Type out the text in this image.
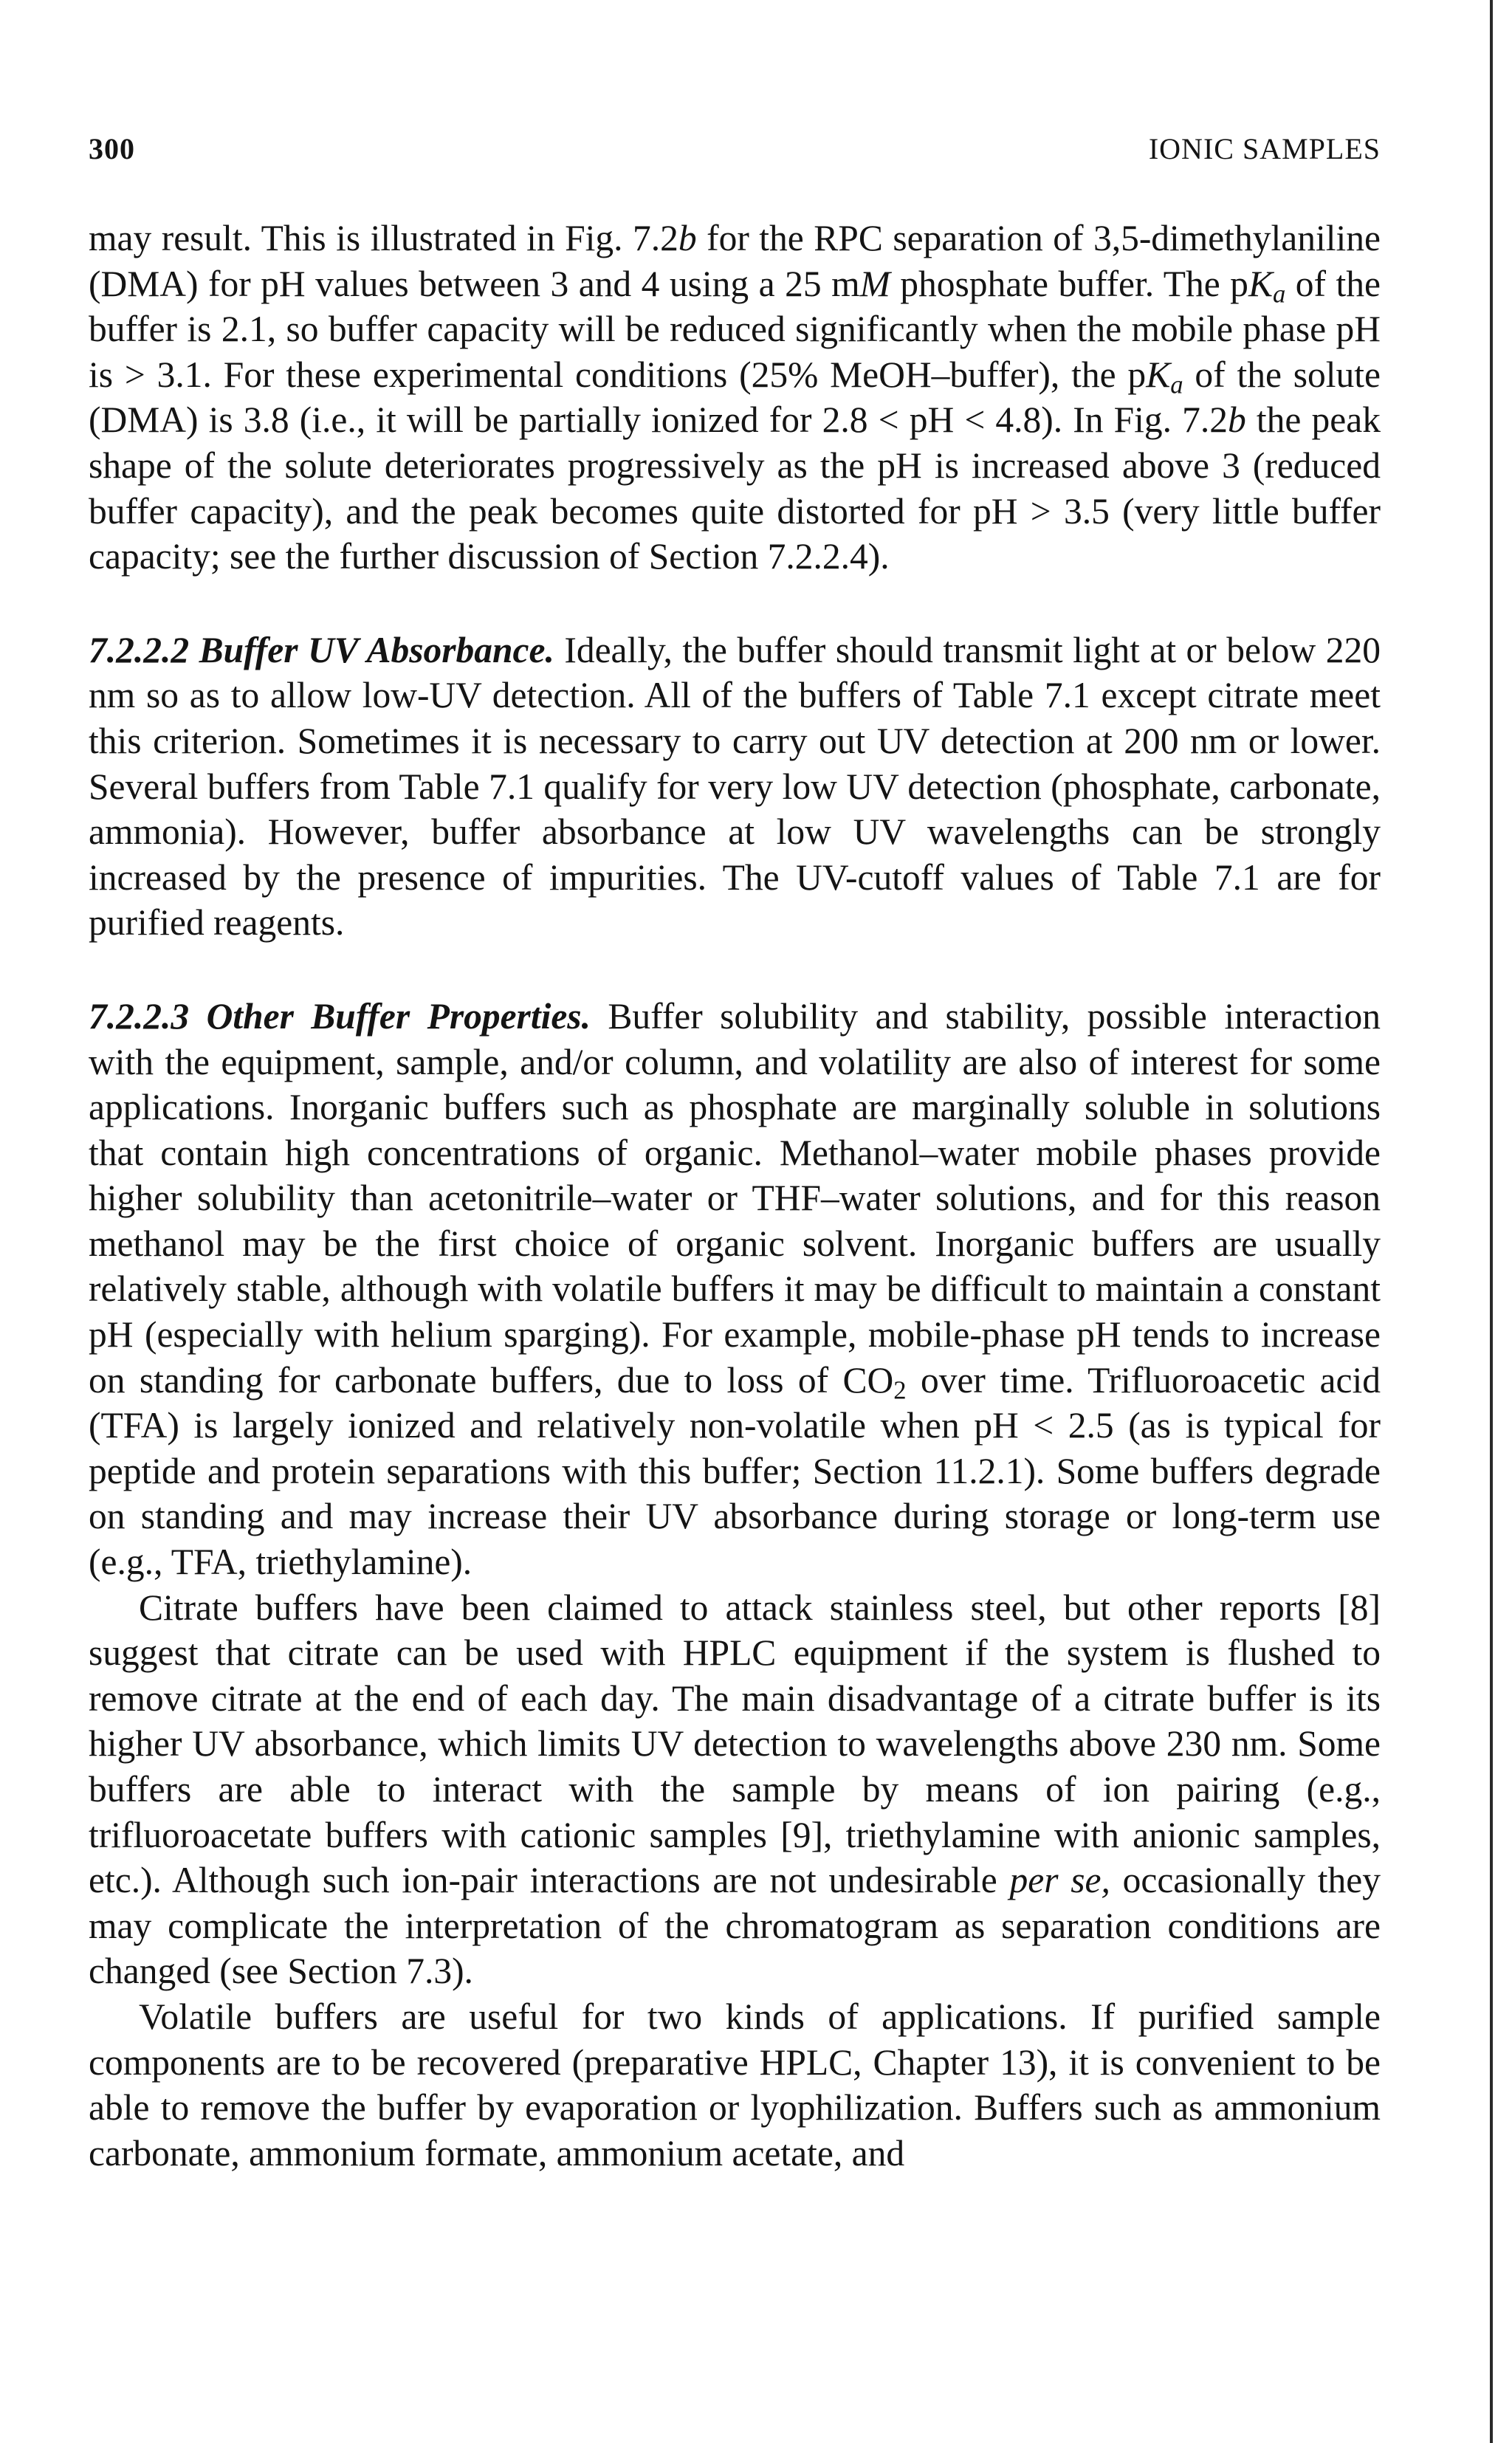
300	IONIC SAMPLES

may result. This is illustrated in Fig. 7.2b for the RPC separation of 3,5-dimethylaniline (DMA) for pH values between 3 and 4 using a 25 mM phosphate buffer. The $pK_a$ of the buffer is 2.1, so buffer capacity will be reduced significantly when the mobile phase pH is > 3.1. For these experimental conditions (25% MeOH–buffer), the $pK_a$ of the solute (DMA) is 3.8 (i.e., it will be partially ionized for 2.8 < pH < 4.8). In Fig. 7.2b the peak shape of the solute deteriorates progressively as the pH is increased above 3 (reduced buffer capacity), and the peak becomes quite distorted for pH > 3.5 (very little buffer capacity; see the further discussion of Section 7.2.2.4).

7.2.2.2 Buffer UV Absorbance. Ideally, the buffer should transmit light at or below 220 nm so as to allow low-UV detection. All of the buffers of Table 7.1 except citrate meet this criterion. Sometimes it is necessary to carry out UV detection at 200 nm or lower. Several buffers from Table 7.1 qualify for very low UV detection (phosphate, carbonate, ammonia). However, buffer absorbance at low UV wavelengths can be strongly increased by the presence of impurities. The UV-cutoff values of Table 7.1 are for purified reagents.

7.2.2.3 Other Buffer Properties. Buffer solubility and stability, possible interaction with the equipment, sample, and/or column, and volatility are also of interest for some applications. Inorganic buffers such as phosphate are marginally soluble in solutions that contain high concentrations of organic. Methanol–water mobile phases provide higher solubility than acetonitrile–water or THF–water solutions, and for this reason methanol may be the first choice of organic solvent. Inorganic buffers are usually relatively stable, although with volatile buffers it may be difficult to maintain a constant pH (especially with helium sparging). For example, mobile-phase pH tends to increase on standing for carbonate buffers, due to loss of $CO_2$ over time. Trifluoroacetic acid (TFA) is largely ionized and relatively non-volatile when pH < 2.5 (as is typical for peptide and protein separations with this buffer; Section 11.2.1). Some buffers degrade on standing and may increase their UV absorbance during storage or long-term use (e.g., TFA, triethylamine).

Citrate buffers have been claimed to attack stainless steel, but other reports [8] suggest that citrate can be used with HPLC equipment if the system is flushed to remove citrate at the end of each day. The main disadvantage of a citrate buffer is its higher UV absorbance, which limits UV detection to wavelengths above 230 nm. Some buffers are able to interact with the sample by means of ion pairing (e.g., trifluoroacetate buffers with cationic samples [9], triethylamine with anionic samples, etc.). Although such ion-pair interactions are not undesirable per se, occasionally they may complicate the interpretation of the chromatogram as separation conditions are changed (see Section 7.3).

Volatile buffers are useful for two kinds of applications. If purified sample components are to be recovered (preparative HPLC, Chapter 13), it is convenient to be able to remove the buffer by evaporation or lyophilization. Buffers such as ammonium carbonate, ammonium formate, ammonium acetate, and
